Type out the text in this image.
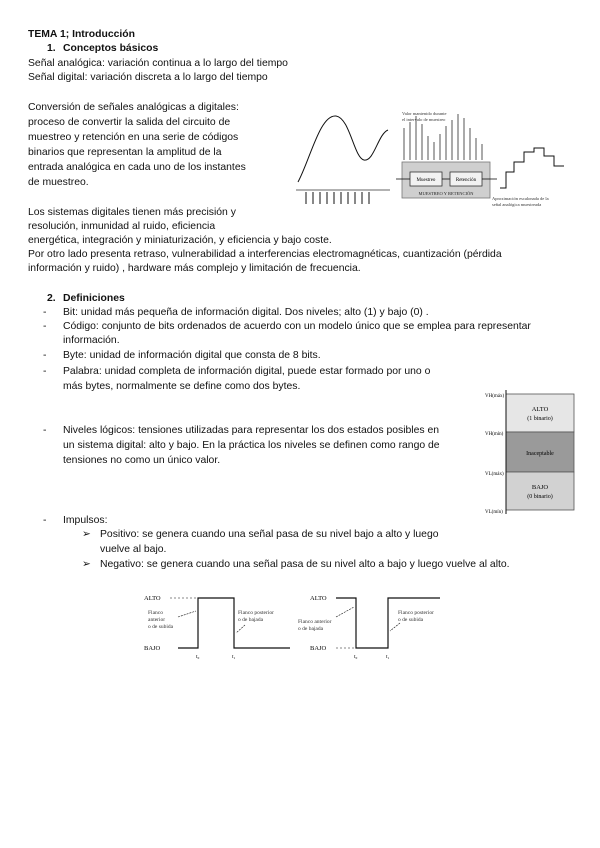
TEMA 1; Introducción
1. Conceptos básicos
Señal analógica: variación continua a lo largo del tiempo
Señal digital: variación discreta a lo largo del tiempo
Conversión de señales analógicas a digitales:
proceso de convertir la salida del circuito de
muestreo y retención en una serie de códigos
binarios que representan la amplitud de la
entrada analógica en cada uno de los instantes
de muestreo.
Valor mantenido durante
el intervalo de muestreo
Muestreo	Retención
MUESTREO Y RETENCIÓN
Aproximación escalonada de la
señal analógica muestreada
Los sistemas digitales tienen más precisión y
resolución, inmunidad al ruido, eficiencia
energética, integración y miniaturización, y eficiencia y bajo coste.
Por otro lado presenta retraso, vulnerabilidad a interferencias electromagnéticas, cuantización (pérdida
información y ruido) , hardware más complejo y limitación de frecuencia.
2. Definiciones
- Bit: unidad más pequeña de información digital. Dos niveles; alto (1) y bajo (0) .
- Código: conjunto de bits ordenados de acuerdo con un modelo único que se emplea para representar
información.
- Byte: unidad de información digital que consta de 8 bits.
- Palabra: unidad completa de información digital, puede estar formado por uno o
más bytes, normalmente se define como dos bytes.
- Niveles lógicos: tensiones utilizadas para representar los dos estados posibles en
un sistema digital: alto y bajo. En la práctica los niveles se definen como rango de
tensiones no como un único valor.
ALTO
(1 binario)
Inaceptable
BAJO
(0 binario)
VH(máx)
VH(mín)
VL(máx)
VL(mín)
- Impulsos:
➢ Positivo: se genera cuando una señal pasa de su nivel bajo a alto y luego
vuelve al bajo.
➢ Negativo: se genera cuando una señal pasa de su nivel alto a bajo y luego vuelve al alto.
ALTO
BAJO
Flanco
anterior
o de subida
Flanco posterior
o de bajada
t₀	t₁
ALTO
BAJO
Flanco anterior
o de bajada
Flanco posterior
o de subida
t₀	t₁
